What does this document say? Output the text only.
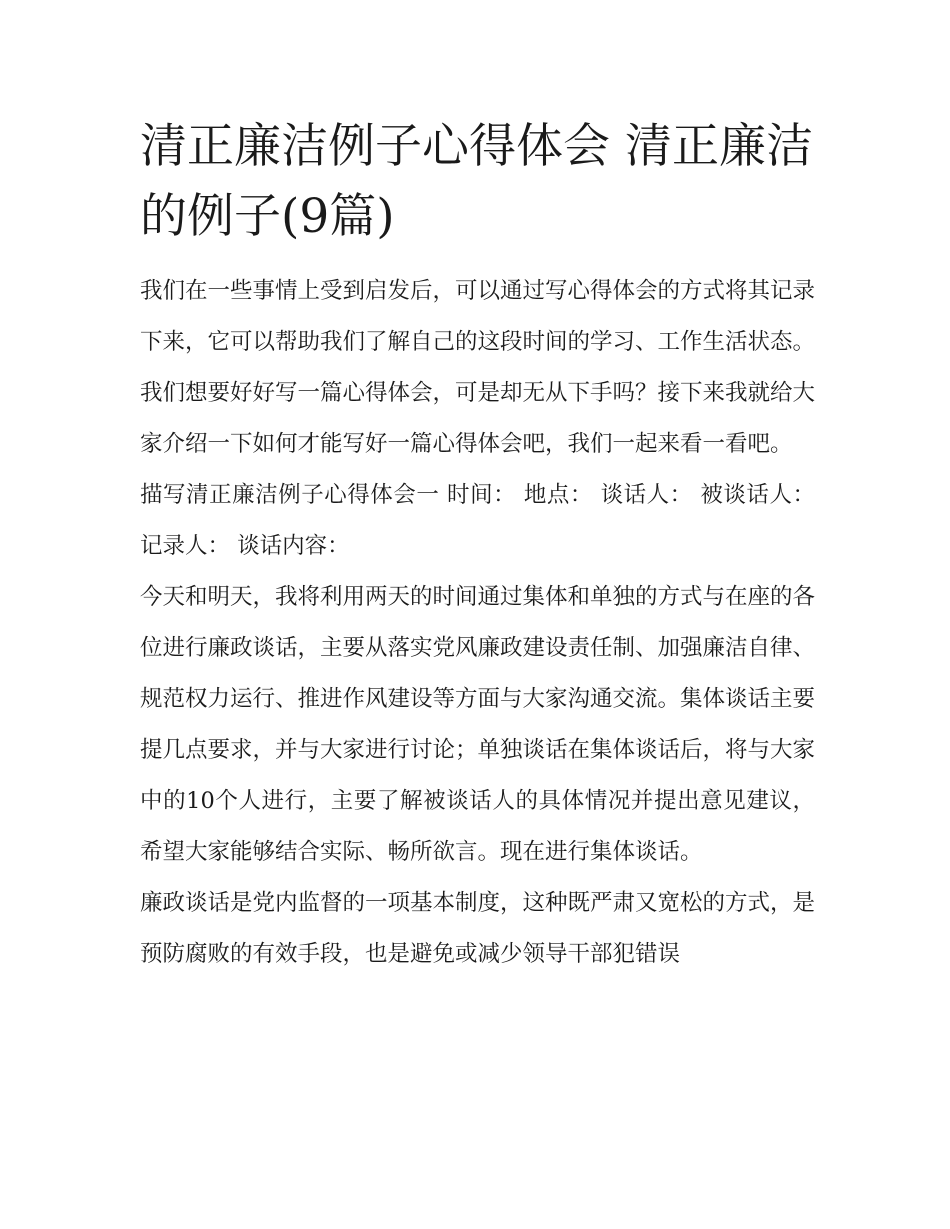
清正廉洁例子心得体会 清正廉洁的例子(9篇)

我们在一些事情上受到启发后，可以通过写心得体会的方式将其记录下来，它可以帮助我们了解自己的这段时间的学习、工作生活状态。我们想要好好写一篇心得体会，可是却无从下手吗？接下来我就给大家介绍一下如何才能写好一篇心得体会吧，我们一起来看一看吧。

描写清正廉洁例子心得体会一 时间： 地点： 谈话人： 被谈话人： 记录人： 谈话内容：

今天和明天，我将利用两天的时间通过集体和单独的方式与在座的各位进行廉政谈话，主要从落实党风廉政建设责任制、加强廉洁自律、规范权力运行、推进作风建设等方面与大家沟通交流。集体谈话主要提几点要求，并与大家进行讨论；单独谈话在集体谈话后，将与大家中的10个人进行，主要了解被谈话人的具体情况并提出意见建议，希望大家能够结合实际、畅所欲言。现在进行集体谈话。

廉政谈话是党内监督的一项基本制度，这种既严肃又宽松的方式，是预防腐败的有效手段，也是避免或减少领导干部犯错误
